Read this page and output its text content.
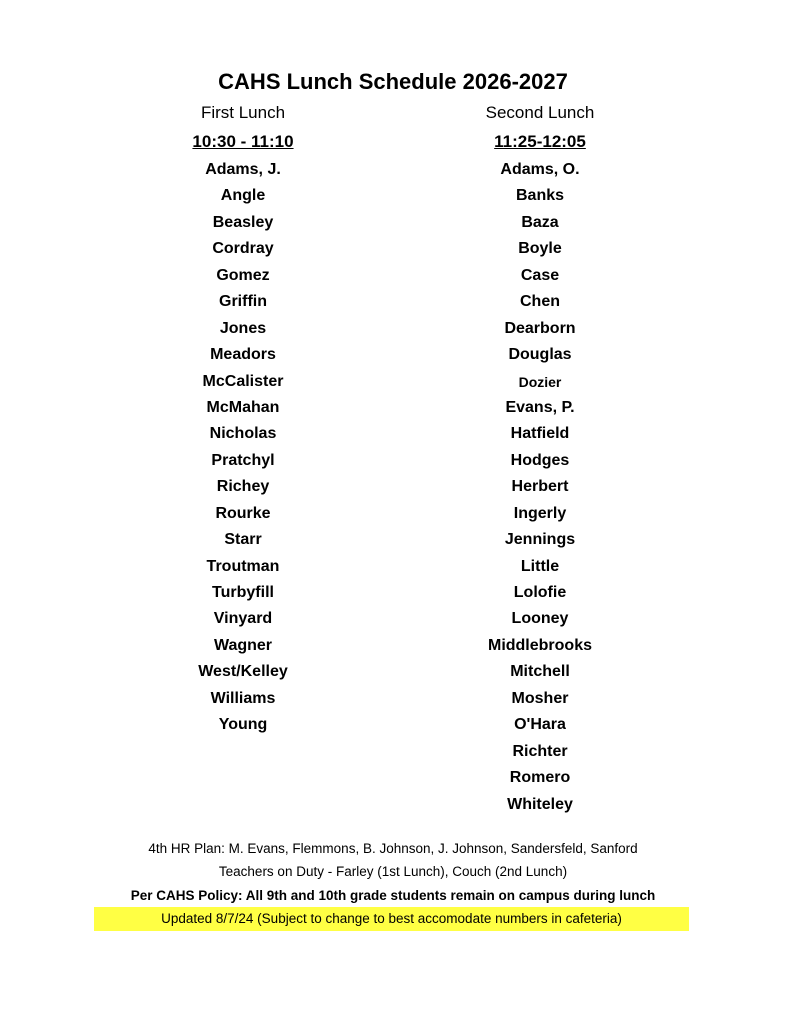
CAHS Lunch Schedule 2026-2027
First Lunch
10:30 - 11:10
Adams, J.
Angle
Beasley
Cordray
Gomez
Griffin
Jones
Meadors
McCalister
McMahan
Nicholas
Pratchyl
Richey
Rourke
Starr
Troutman
Turbyfill
Vinyard
Wagner
West/Kelley
Williams
Young
Second Lunch
11:25-12:05
Adams, O.
Banks
Baza
Boyle
Case
Chen
Dearborn
Douglas
Dozier
Evans, P.
Hatfield
Hodges
Herbert
Ingerly
Jennings
Little
Lolofie
Looney
Middlebrooks
Mitchell
Mosher
O'Hara
Richter
Romero
Whiteley
4th HR Plan: M. Evans, Flemmons, B. Johnson, J. Johnson, Sandersfeld, Sanford
Teachers on Duty - Farley (1st Lunch), Couch (2nd Lunch)
Per CAHS Policy: All 9th and 10th grade students remain on campus during lunch
Updated 8/7/24 (Subject to change to best accomodate numbers in cafeteria)
